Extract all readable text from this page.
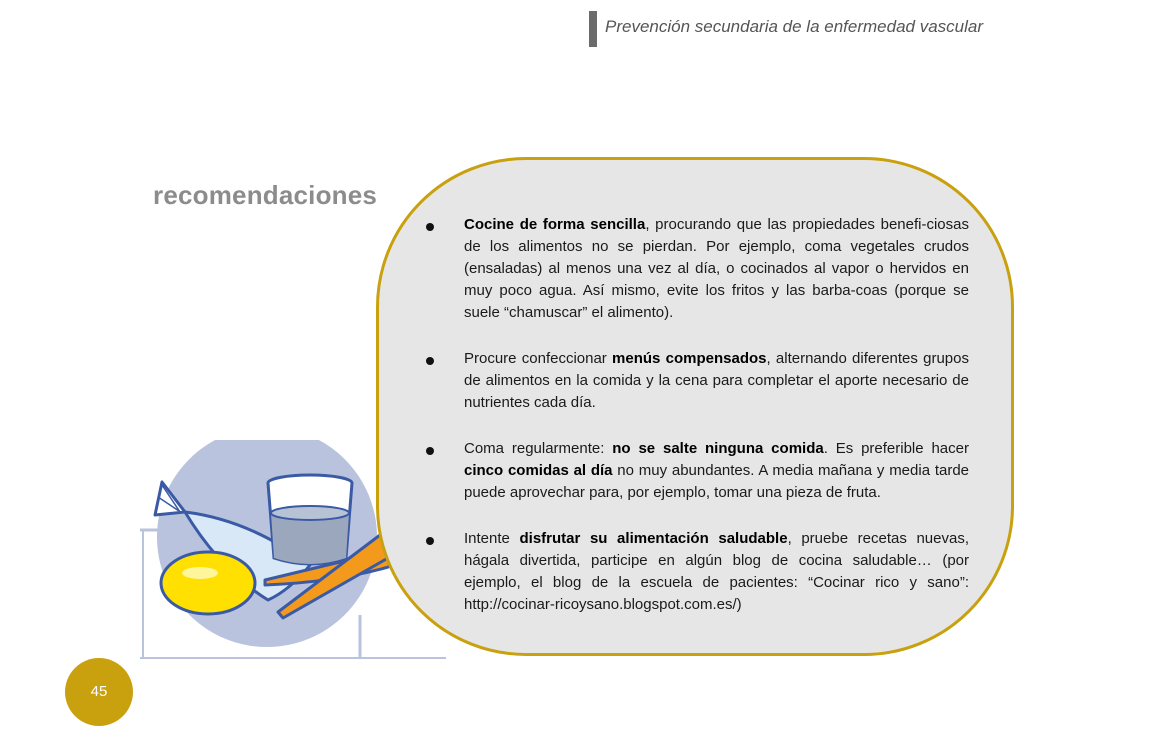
Prevención secundaria de la enfermedad vascular
recomendaciones
Cocine de forma sencilla, procurando que las propiedades benefi-ciosas de los alimentos no se pierdan. Por ejemplo, coma vegetales crudos (ensaladas) al menos una vez al día, o cocinados al vapor o hervidos en muy poco agua. Así mismo, evite los fritos y las barba-coas (porque se suele “chamuscar” el alimento).
Procure confeccionar menús compensados, alternando diferentes grupos de alimentos en la comida y la cena para completar el aporte necesario de nutrientes cada día.
Coma regularmente: no se salte ninguna comida. Es preferible hacer cinco comidas al día no muy abundantes. A media mañana y media tarde puede aprovechar para, por ejemplo, tomar una pieza de fruta.
Intente disfrutar su alimentación saludable, pruebe recetas nuevas, hágala divertida, participe en algún blog de cocina saludable… (por ejemplo, el blog de la escuela de pacientes: “Cocinar rico y sano”: http://cocinar-ricoysano.blogspot.com.es/)
45
